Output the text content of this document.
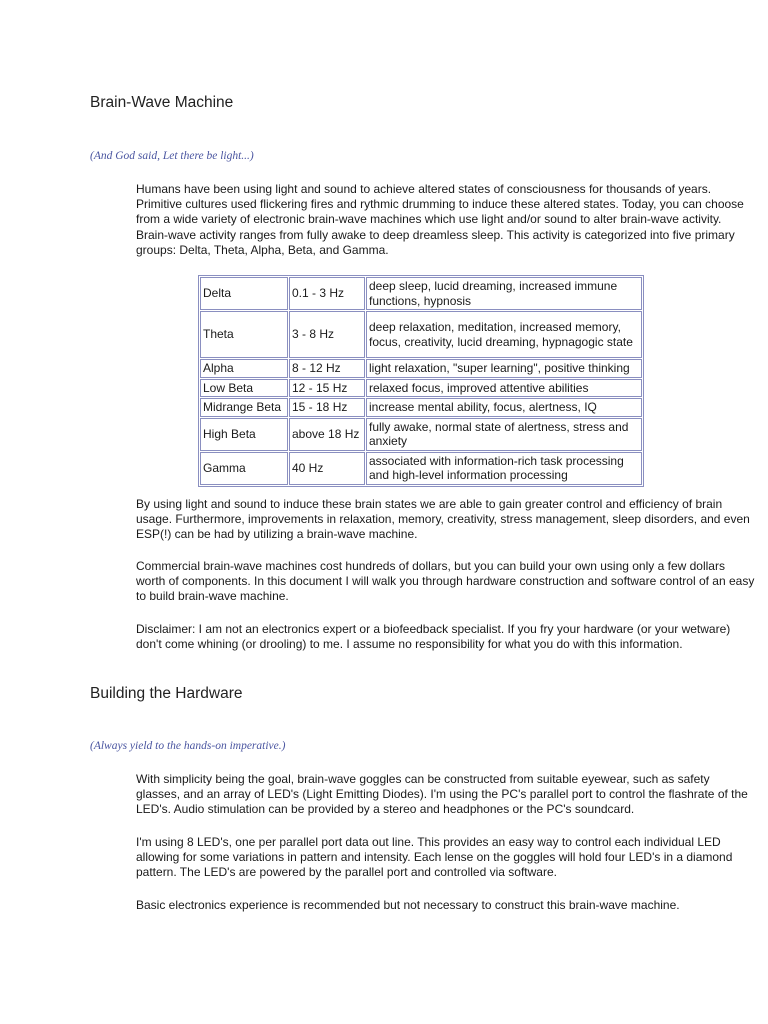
Brain-Wave Machine

(And God said, Let there be light...)

Humans have been using light and sound to achieve altered states of consciousness for thousands of years. Primitive cultures used flickering fires and rythmic drumming to induce these altered states. Today, you can choose from a wide variety of electronic brain-wave machines which use light and/or sound to alter brain-wave activity. Brain-wave activity ranges from fully awake to deep dreamless sleep. This activity is categorized into five primary groups: Delta, Theta, Alpha, Beta, and Gamma.

Delta	0.1 - 3 Hz	deep sleep, lucid dreaming, increased immune functions, hypnosis
Theta	3 - 8 Hz	deep relaxation, meditation, increased memory, focus, creativity, lucid dreaming, hypnagogic state
Alpha	8 - 12 Hz	light relaxation, "super learning", positive thinking
Low Beta	12 - 15 Hz	relaxed focus, improved attentive abilities
Midrange Beta	15 - 18 Hz	increase mental ability, focus, alertness, IQ
High Beta	above 18 Hz	fully awake, normal state of alertness, stress and anxiety
Gamma	40 Hz	associated with information-rich task processing and high-level information processing

By using light and sound to induce these brain states we are able to gain greater control and efficiency of brain usage. Furthermore, improvements in relaxation, memory, creativity, stress management, sleep disorders, and even ESP(!) can be had by utilizing a brain-wave machine.

Commercial brain-wave machines cost hundreds of dollars, but you can build your own using only a few dollars worth of components. In this document I will walk you through hardware construction and software control of an easy to build brain-wave machine.

Disclaimer: I am not an electronics expert or a biofeedback specialist. If you fry your hardware (or your wetware) don't come whining (or drooling) to me. I assume no responsibility for what you do with this information.

Building the Hardware

(Always yield to the hands-on imperative.)

With simplicity being the goal, brain-wave goggles can be constructed from suitable eyewear, such as safety glasses, and an array of LED's (Light Emitting Diodes). I'm using the PC's parallel port to control the flashrate of the LED's. Audio stimulation can be provided by a stereo and headphones or the PC's soundcard.

I'm using 8 LED's, one per parallel port data out line. This provides an easy way to control each individual LED allowing for some variations in pattern and intensity. Each lense on the goggles will hold four LED's in a diamond pattern. The LED's are powered by the parallel port and controlled via software.

Basic electronics experience is recommended but not necessary to construct this brain-wave machine.
